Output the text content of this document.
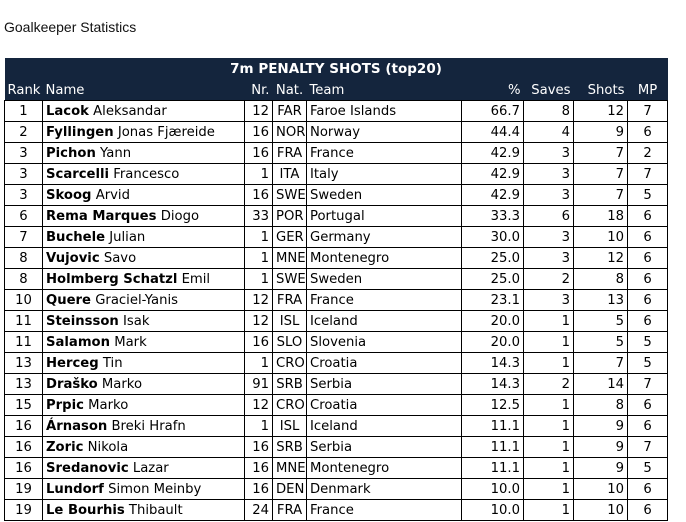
Goalkeeper Statistics
7m PENALTY SHOTS (top20)								
Rank	Name	Nr.	Nat.	Team	%	Saves	Shots	MP
1	Lacok Aleksandar	12	FAR	Faroe Islands	66.7	8	12	7
2	Fyllingen Jonas Fjæreide	16	NOR	Norway	44.4	4	9	6
3	Pichon Yann	16	FRA	France	42.9	3	7	2
3	Scarcelli Francesco	1	ITA	Italy	42.9	3	7	7
3	Skoog Arvid	16	SWE	Sweden	42.9	3	7	5
6	Rema Marques Diogo	33	POR	Portugal	33.3	6	18	6
7	Buchele Julian	1	GER	Germany	30.0	3	10	6
8	Vujovic Savo	1	MNE	Montenegro	25.0	3	12	6
8	Holmberg Schatzl Emil	1	SWE	Sweden	25.0	2	8	6
10	Quere Graciel-Yanis	12	FRA	France	23.1	3	13	6
11	Steinsson Isak	12	ISL	Iceland	20.0	1	5	6
11	Salamon Mark	16	SLO	Slovenia	20.0	1	5	5
13	Herceg Tin	1	CRO	Croatia	14.3	1	7	5
13	Draško Marko	91	SRB	Serbia	14.3	2	14	7
15	Prpic Marko	12	CRO	Croatia	12.5	1	8	6
16	Árnason Breki Hrafn	1	ISL	Iceland	11.1	1	9	6
16	Zoric Nikola	16	SRB	Serbia	11.1	1	9	7
16	Sredanovic Lazar	16	MNE	Montenegro	11.1	1	9	5
19	Lundorf Simon Meinby	16	DEN	Denmark	10.0	1	10	6
19	Le Bourhis Thibault	24	FRA	France	10.0	1	10	6
